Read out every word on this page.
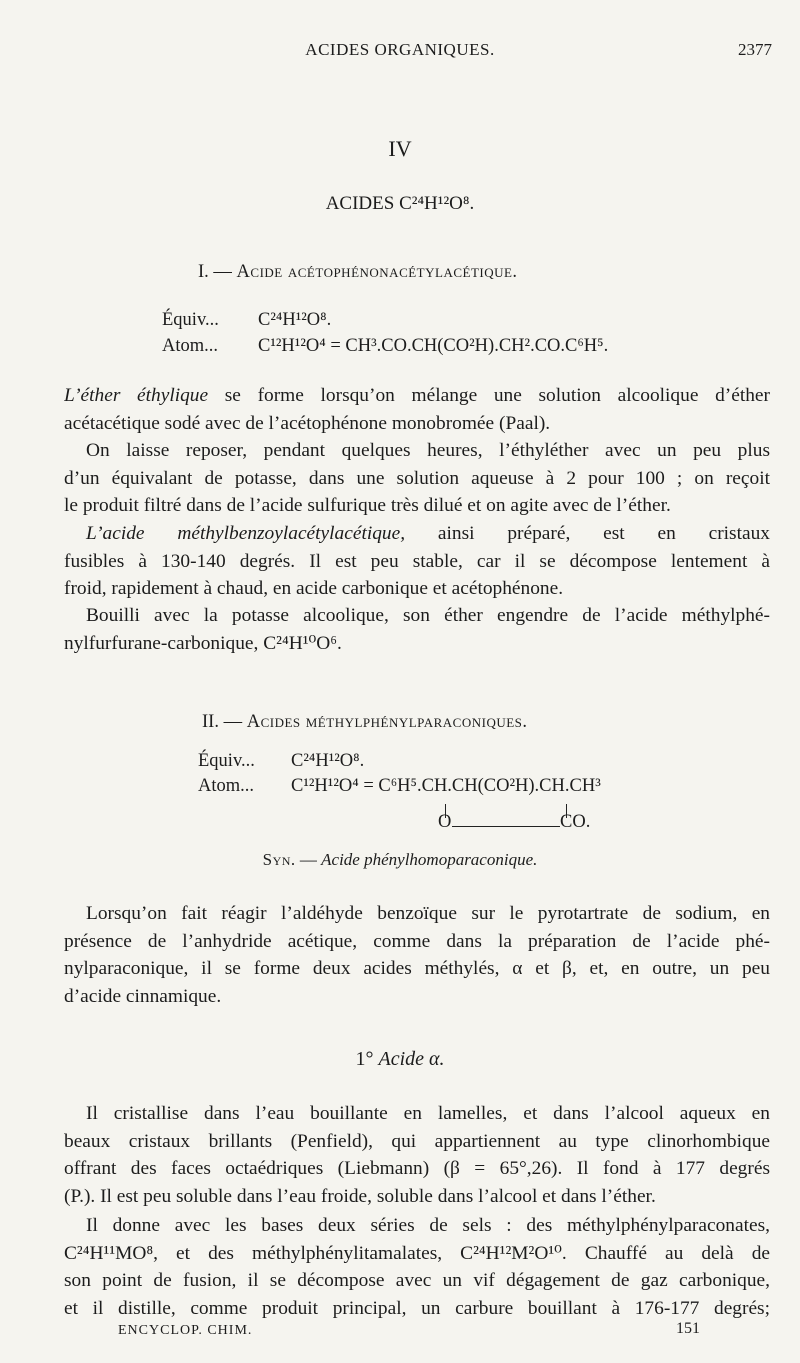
ACIDES ORGANIQUES.	2377
IV
ACIDES C²⁴H¹²O⁸.
I. — Acide acétophénonacétylacétique.
Équiv... C²⁴H¹²O⁸.
Atom... C¹²H¹²O⁴ = CH³.CO.CH(CO²H).CH².CO.C⁶H⁵.
L’éther éthylique se forme lorsqu’on mélange une solution alcoolique d’éther
acétacétique sodé avec de l’acétophénone monobromée (Paal).
On laisse reposer, pendant quelques heures, l’éthyléther avec un peu plus
d’un équivalant de potasse, dans une solution aqueuse à 2 pour 100 ; on reçoit
le produit filtré dans de l’acide sulfurique très dilué et on agite avec de l’éther.
L’acide méthylbenzoylacétylacétique, ainsi préparé, est en cristaux
fusibles à 130-140 degrés. Il est peu stable, car il se décompose lentement à
froid, rapidement à chaud, en acide carbonique et acétophénone.
Bouilli avec la potasse alcoolique, son éther engendre de l’acide méthylphé-
nylfurfurane-carbonique, C²⁴H¹⁰O⁶.
II. — Acides méthylphénylparaconiques.
Équiv... C²⁴H¹²O⁸.
Atom... C¹²H¹²O⁴ = C⁶H⁵.CH.CH(CO²H).CH.CH³
O	CO.
Syn. — Acide phénylhomoparaconique.
Lorsqu’on fait réagir l’aldéhyde benzoïque sur le pyrotartrate de sodium, en
présence de l’anhydride acétique, comme dans la préparation de l’acide phé-
nylparaconique, il se forme deux acides méthylés, α et β, et, en outre, un peu
d’acide cinnamique.
1° Acide α.
Il cristallise dans l’eau bouillante en lamelles, et dans l’alcool aqueux en
beaux cristaux brillants (Penfield), qui appartiennent au type clinorhombique
offrant des faces octaédriques (Liebmann) (β = 65°,26). Il fond à 177 degrés
(P.). Il est peu soluble dans l’eau froide, soluble dans l’alcool et dans l’éther.
Il donne avec les bases deux séries de sels : des méthylphénylparaconates,
C²⁴H¹¹MO⁸, et des méthylphénylitamalates, C²⁴H¹²M²O¹⁰. Chauffé au delà de
son point de fusion, il se décompose avec un vif dégagement de gaz carbonique,
et il distille, comme produit principal, un carbure bouillant à 176-177 degrés;
ENCYCLOP. CHIM.	151
